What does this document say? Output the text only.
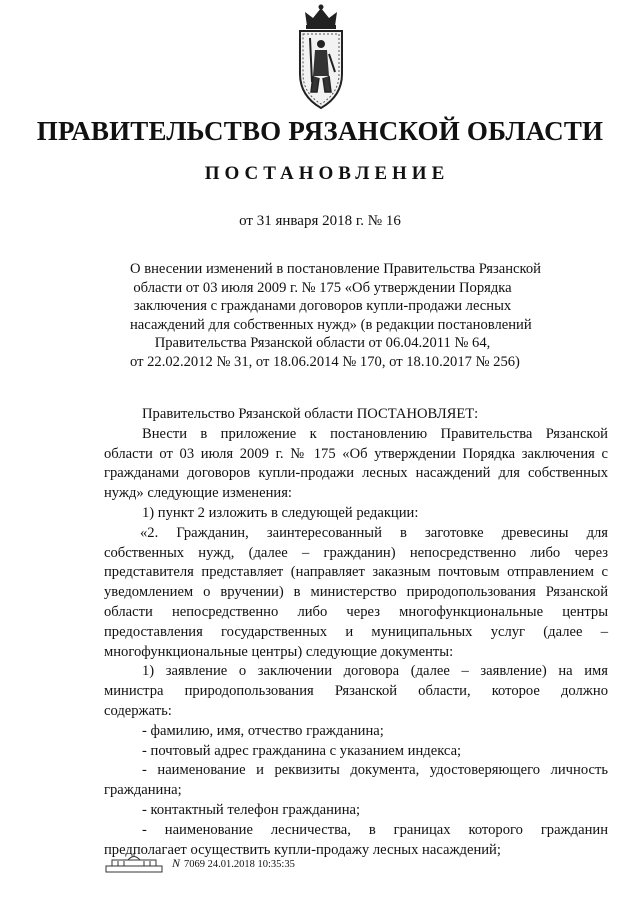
ПРАВИТЕЛЬСТВО РЯЗАНСКОЙ ОБЛАСТИ
ПОСТАНОВЛЕНИЕ
от 31 января 2018 г. № 16
О внесении изменений в постановление Правительства Рязанской
области от 03 июля 2009 г. № 175 «Об утверждении Порядка
заключения с гражданами договоров купли-продажи лесных
насаждений для собственных нужд» (в редакции постановлений
Правительства Рязанской области от 06.04.2011 № 64,
от 22.02.2012 № 31, от 18.06.2014 № 170, от 18.10.2017 № 256)
Правительство Рязанской области ПОСТАНОВЛЯЕТ:
Внести в приложение к постановлению Правительства Рязанской
области от 03 июля 2009 г. № 175 «Об утверждении Порядка заключения с
гражданами договоров купли-продажи лесных насаждений для собственных
нужд» следующие изменения:
1) пункт 2 изложить в следующей редакции:
«2. Гражданин, заинтересованный в заготовке древесины для
собственных нужд, (далее – гражданин) непосредственно либо через
представителя представляет (направляет заказным почтовым отправлением с
уведомлением о вручении) в министерство природопользования Рязанской
области непосредственно либо через многофункциональные центры
предоставления государственных и муниципальных услуг (далее –
многофункциональные центры) следующие документы:
1) заявление о заключении договора (далее – заявление) на имя
министра природопользования Рязанской области, которое должно
содержать:
- фамилию, имя, отчество гражданина;
- почтовый адрес гражданина с указанием индекса;
- наименование и реквизиты документа, удостоверяющего личность
гражданина;
- контактный телефон гражданина;
- наименование лесничества, в границах которого гражданин
предполагает осуществить купли-продажу лесных насаждений;
N 7069 24.01.2018 10:35:35
